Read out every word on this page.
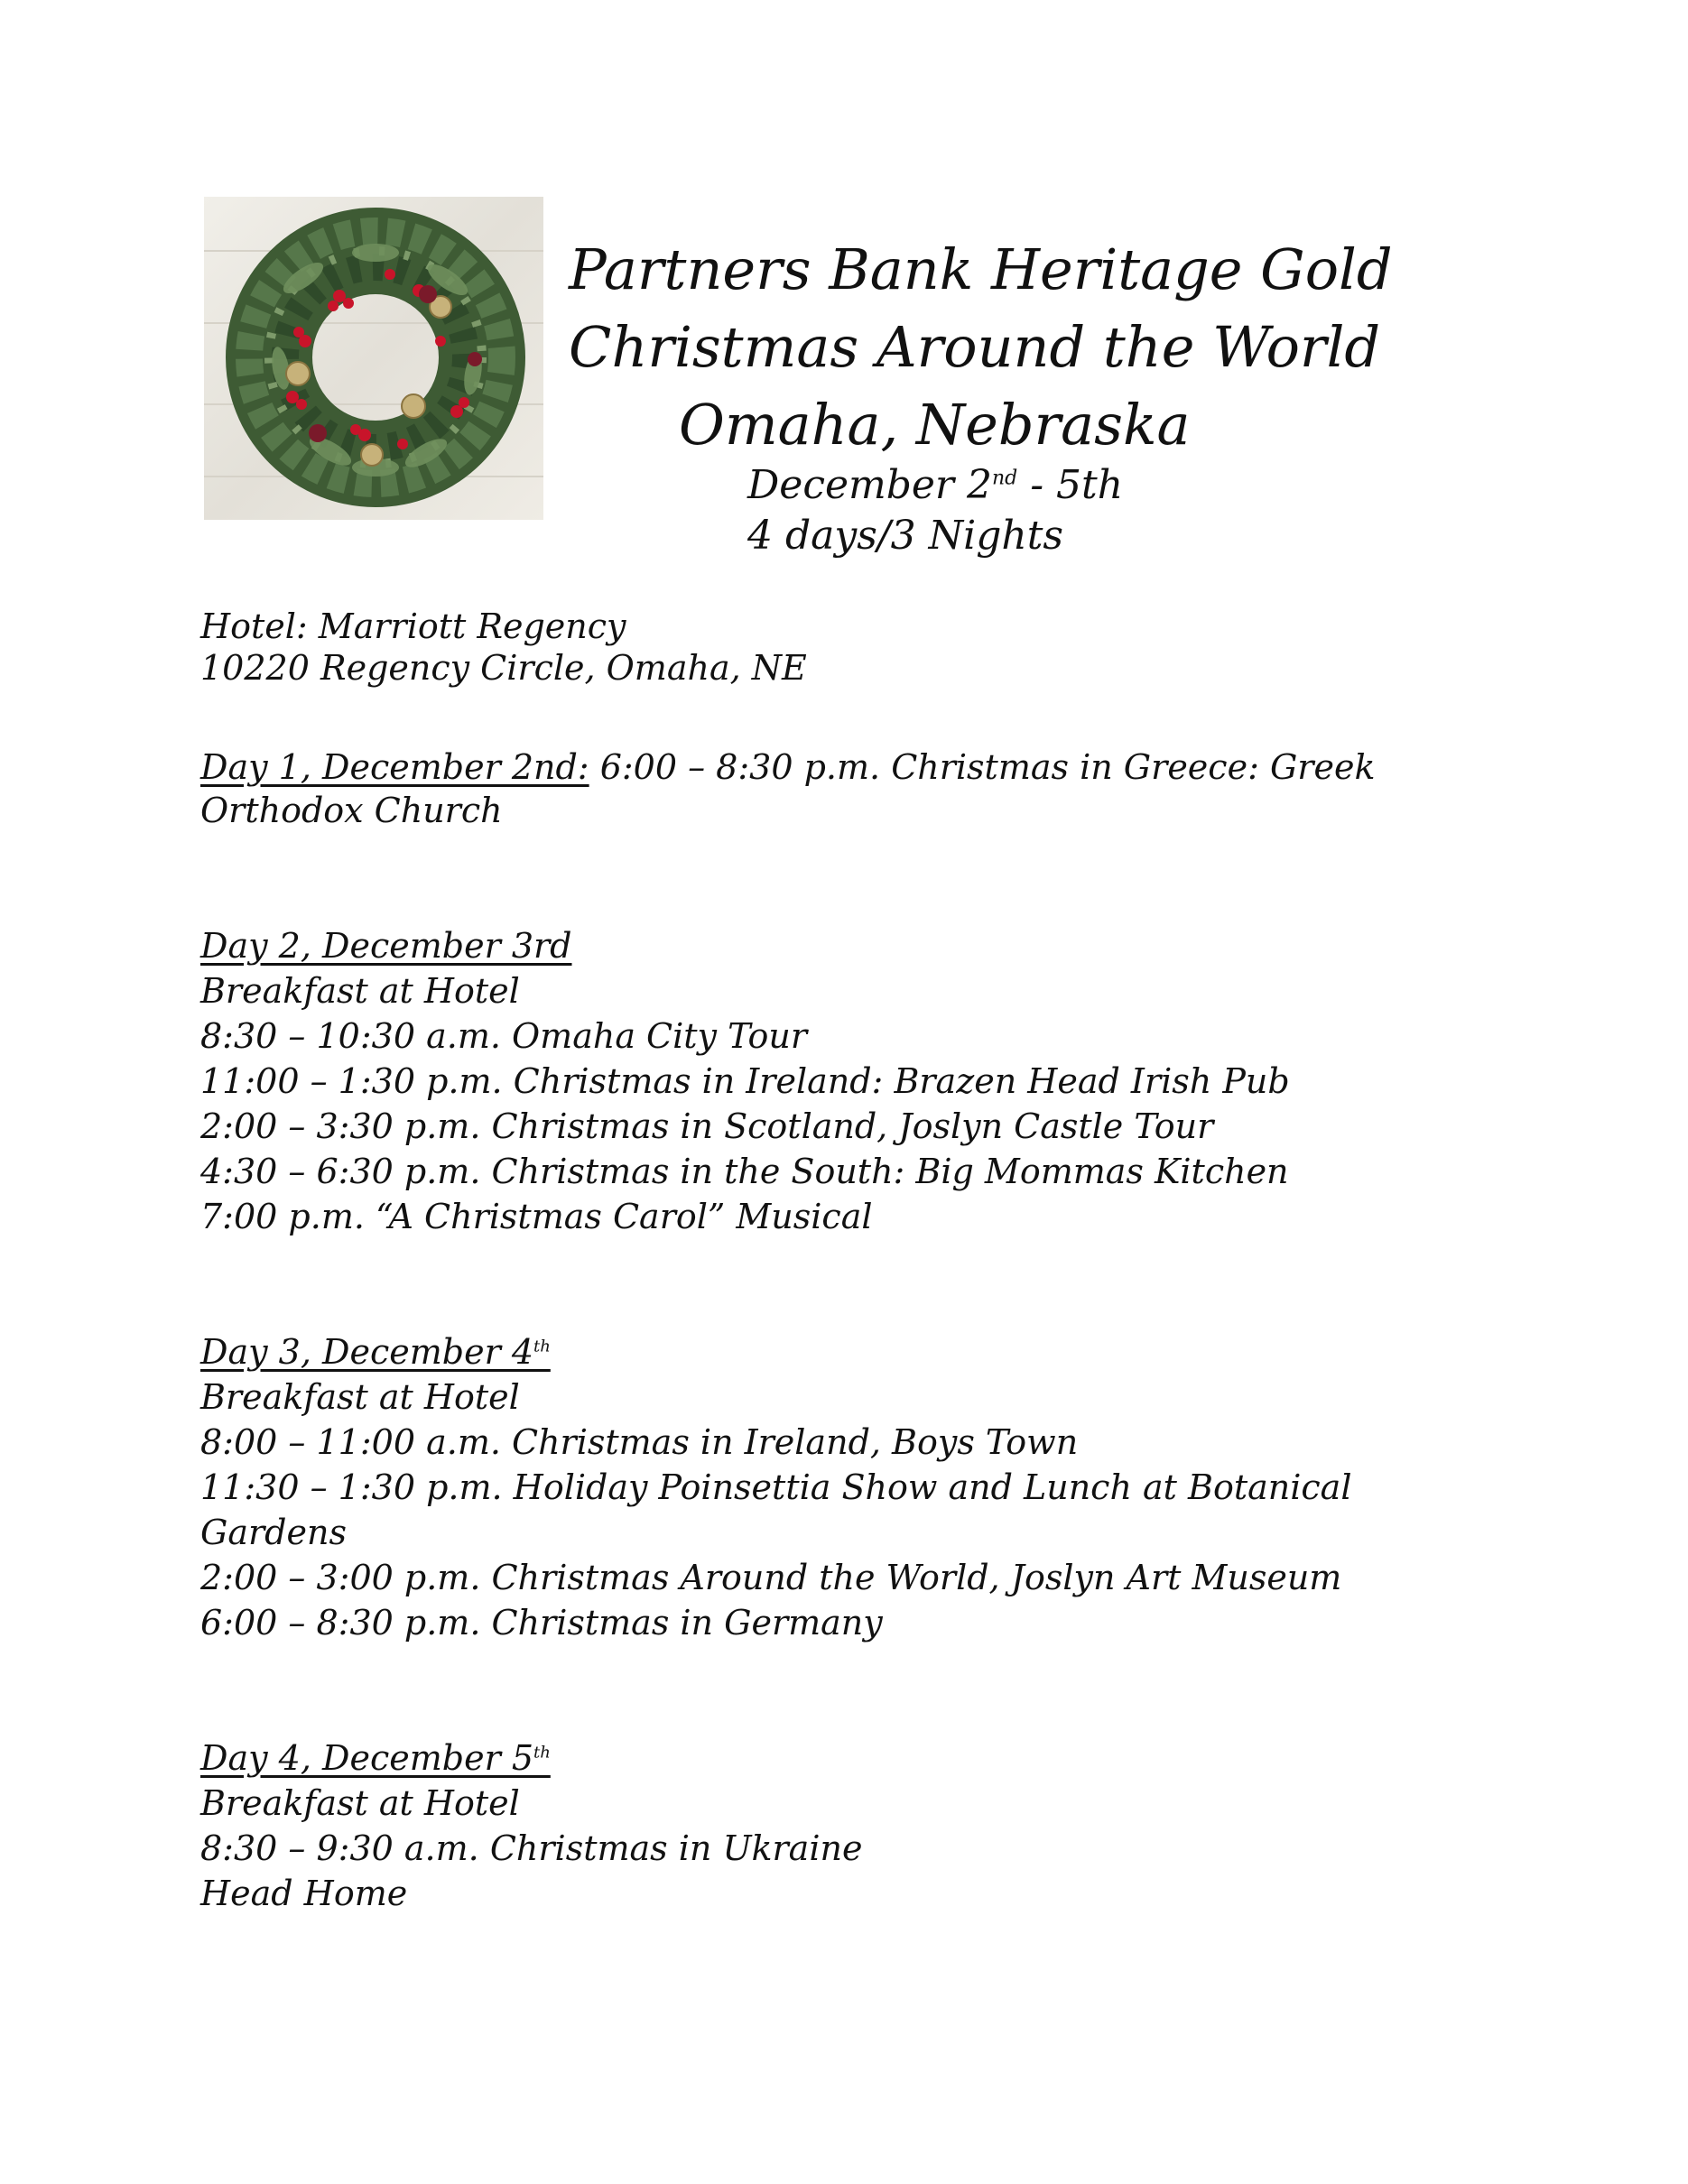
Partners Bank Heritage Gold
Christmas Around the World
Omaha, Nebraska
December 2nd - 5th
4 days/3 Nights
Hotel: Marriott Regency
10220 Regency Circle, Omaha, NE
Day 1, December 2nd: 6:00 – 8:30 p.m. Christmas in Greece: Greek
Orthodox Church
Day 2, December 3rd
Breakfast at Hotel
8:30 – 10:30 a.m. Omaha City Tour
11:00 – 1:30 p.m. Christmas in Ireland: Brazen Head Irish Pub
2:00 – 3:30 p.m. Christmas in Scotland, Joslyn Castle Tour
4:30 – 6:30 p.m. Christmas in the South: Big Mommas Kitchen
7:00 p.m. “A Christmas Carol” Musical
Day 3, December 4th
Breakfast at Hotel
8:00 – 11:00 a.m. Christmas in Ireland, Boys Town
11:30 – 1:30 p.m. Holiday Poinsettia Show and Lunch at Botanical
Gardens
2:00 – 3:00 p.m. Christmas Around the World, Joslyn Art Museum
6:00 – 8:30 p.m. Christmas in Germany
Day 4, December 5th
Breakfast at Hotel
8:30 – 9:30 a.m. Christmas in Ukraine
Head Home
